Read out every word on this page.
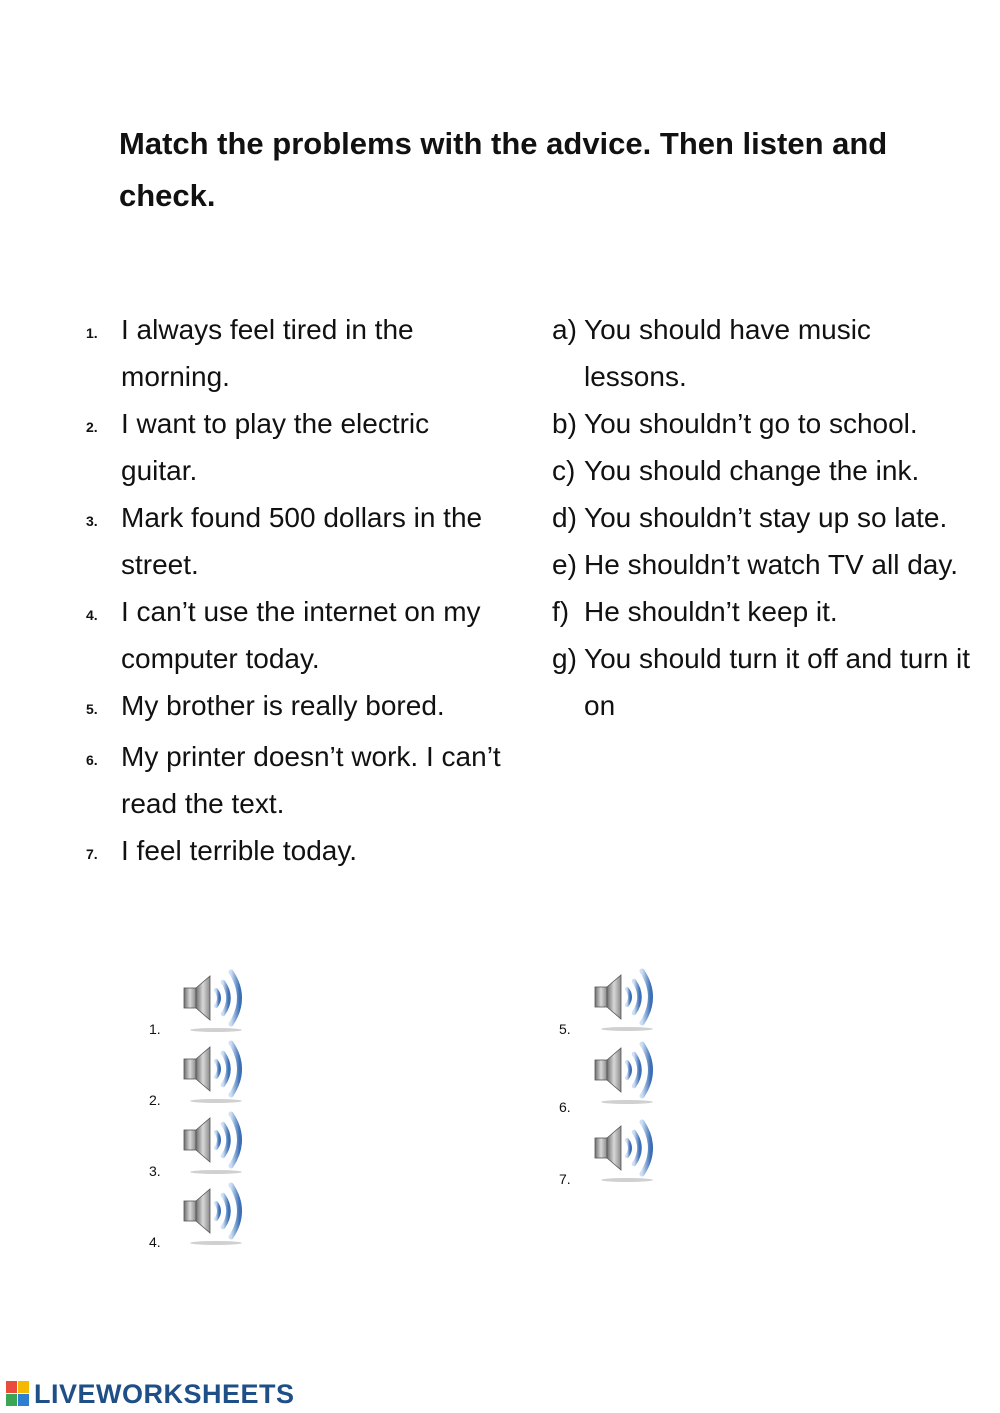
Match the problems with the advice. Then listen and check.
1. I always feel tired in the morning.
2. I want to play the electric guitar.
3. Mark found 500 dollars in the street.
4. I can’t use the internet on my computer today.
5. My brother is really bored.
6. My printer doesn’t work. I can’t read the text.
7. I feel terrible today.
a) You should have music lessons.
b) You shouldn’t go to school.
c) You should change the ink.
d) You shouldn’t stay up so late.
e) He shouldn’t watch TV all day.
f) He shouldn’t keep it.
g) You should turn it off and turn it on
1.
2.
3.
4.
5.
6.
7.
LIVEWORKSHEETS
